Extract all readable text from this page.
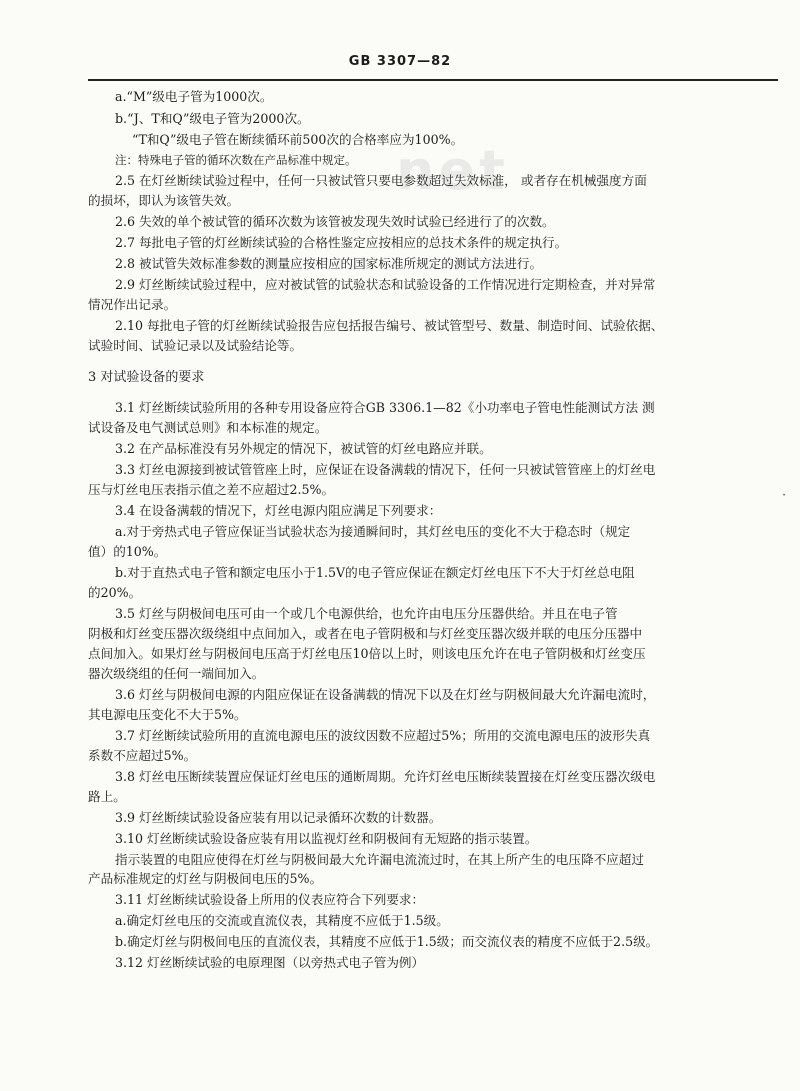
GB 3307—82
net
·
a.“M”级电子管为1000次。
b.“J、T和Q”级电子管为2000次。
“T和Q”级电子管在断续循环前500次的合格率应为100%。
注：特殊电子管的循环次数在产品标准中规定。
2.5 在灯丝断续试验过程中，任何一只被试管只要电参数超过失效标准， 或者存在机械强度方面
的损坏，即认为该管失效。
2.6 失效的单个被试管的循环次数为该管被发现失效时试验已经进行了的次数。
2.7 每批电子管的灯丝断续试验的合格性鉴定应按相应的总技术条件的规定执行。
2.8 被试管失效标准参数的测量应按相应的国家标准所规定的测试方法进行。
2.9 灯丝断续试验过程中，应对被试管的试验状态和试验设备的工作情况进行定期检查，并对异常
情况作出记录。
2.10 每批电子管的灯丝断续试验报告应包括报告编号、被试管型号、数量、制造时间、试验依据、
试验时间、试验记录以及试验结论等。
3 对试验设备的要求
3.1 灯丝断续试验所用的各种专用设备应符合GB 3306.1—82《小功率电子管电性能测试方法 测
试设备及电气测试总则》和本标准的规定。
3.2 在产品标准没有另外规定的情况下，被试管的灯丝电路应并联。
3.3 灯丝电源接到被试管管座上时，应保证在设备满载的情况下，任何一只被试管管座上的灯丝电
压与灯丝电压表指示值之差不应超过2.5%。
3.4 在设备满载的情况下，灯丝电源内阻应满足下列要求：
a.对于旁热式电子管应保证当试验状态为接通瞬间时，其灯丝电压的变化不大于稳态时（规定
值）的10%。
b.对于直热式电子管和额定电压小于1.5V的电子管应保证在额定灯丝电压下不大于灯丝总电阻
的20%。
3.5 灯丝与阴极间电压可由一个或几个电源供给，也允许由电压分压器供给。并且在电子管
阴极和灯丝变压器次级绕组中点间加入，或者在电子管阴极和与灯丝变压器次级并联的电压分压器中
点间加入。如果灯丝与阴极间电压高于灯丝电压10倍以上时，则该电压允许在电子管阴极和灯丝变压
器次级绕组的任何一端间加入。
3.6 灯丝与阴极间电源的内阻应保证在设备满载的情况下以及在灯丝与阴极间最大允许漏电流时，
其电源电压变化不大于5%。
3.7 灯丝断续试验所用的直流电源电压的波纹因数不应超过5%；所用的交流电源电压的波形失真
系数不应超过5%。
3.8 灯丝电压断续装置应保证灯丝电压的通断周期。允许灯丝电压断续装置接在灯丝变压器次级电
路上。
3.9 灯丝断续试验设备应装有用以记录循环次数的计数器。
3.10 灯丝断续试验设备应装有用以监视灯丝和阴极间有无短路的指示装置。
指示装置的电阻应使得在灯丝与阴极间最大允许漏电流流过时，在其上所产生的电压降不应超过
产品标准规定的灯丝与阴极间电压的5%。
3.11 灯丝断续试验设备上所用的仪表应符合下列要求：
a.确定灯丝电压的交流或直流仪表，其精度不应低于1.5级。
b.确定灯丝与阴极间电压的直流仪表，其精度不应低于1.5级；而交流仪表的精度不应低于2.5级。
3.12 灯丝断续试验的电原理图（以旁热式电子管为例）
